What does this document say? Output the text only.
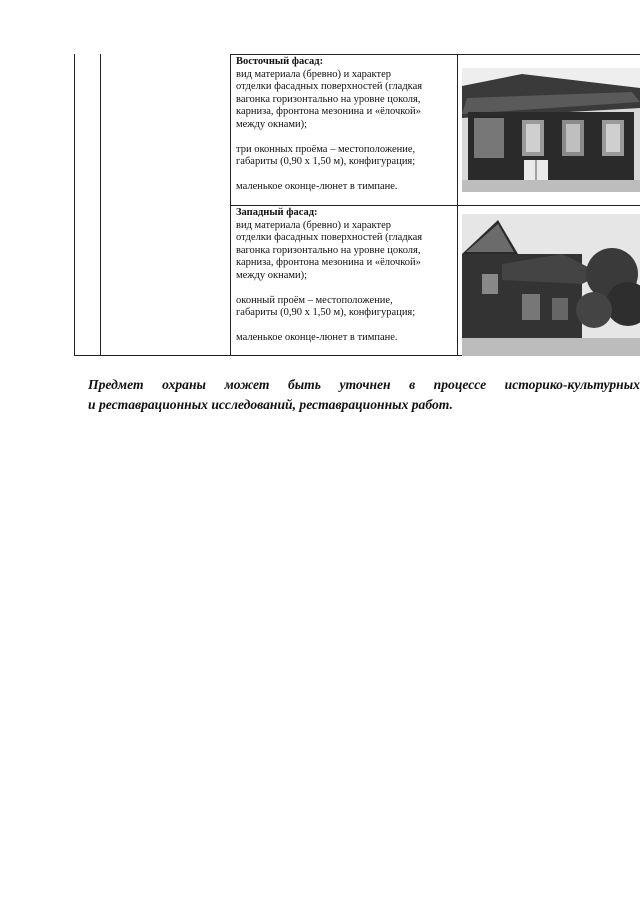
Восточный фасад:

вид материала (бревно) и характер

отделки фасадных поверхностей (гладкая

вагонка горизонтально на уровне цоколя,

карниза, фронтона мезонина и «ёлочкой»

между окнами);

три оконных проёма – местоположение,

габариты (0,90 х 1,50 м), конфигурация;

маленькое оконце-люнет в тимпане.

Западный фасад:

вид материала (бревно) и характер

отделки фасадных поверхностей (гладкая

вагонка горизонтально на уровне цоколя,

карниза, фронтона мезонина и «ёлочкой»

между окнами);

оконный проём – местоположение,

габариты (0,90 х 1,50 м), конфигурация;

маленькое оконце-люнет в тимпане.

Предмет охраны может быть уточнен в процессе историко-культурных
и реставрационных исследований, реставрационных работ.
